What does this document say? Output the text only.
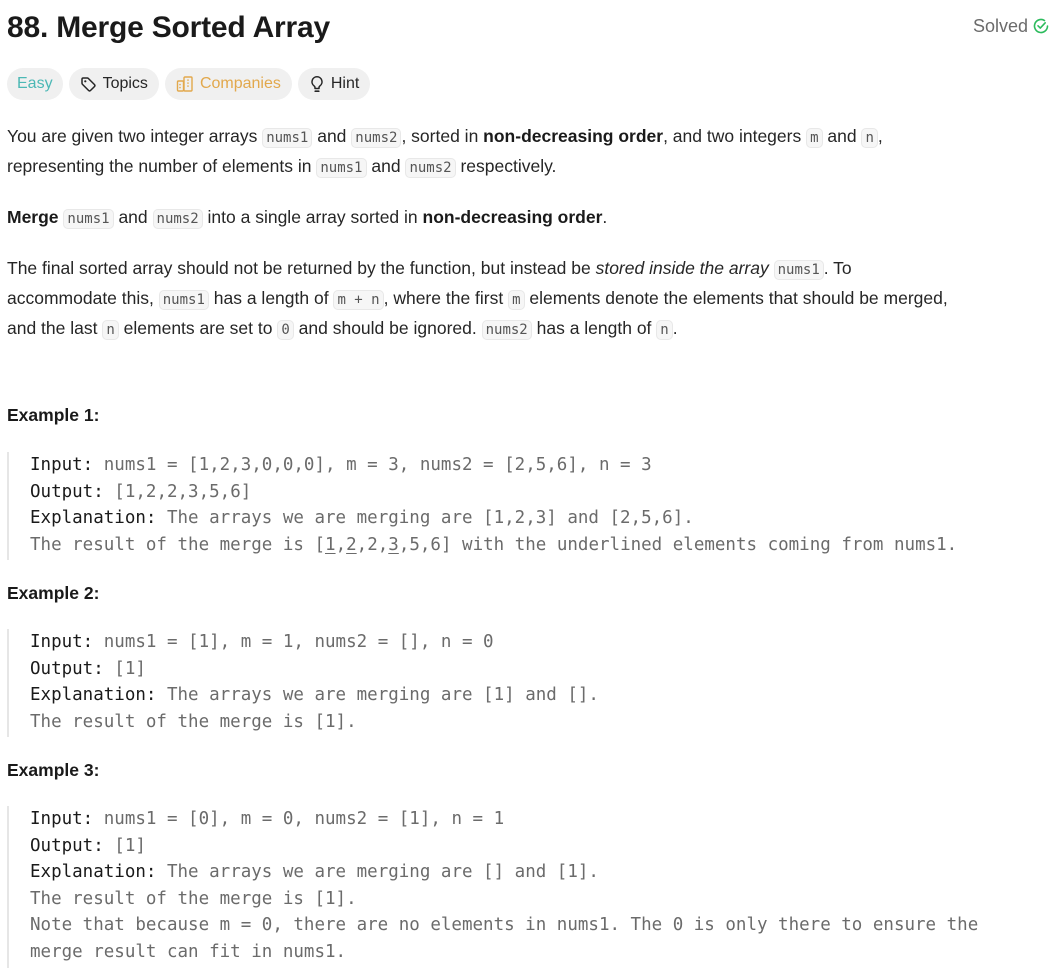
88. Merge Sorted Array	Solved
Easy	Topics	Companies	Hint

You are given two integer arrays nums1 and nums2 , sorted in non-decreasing order, and two integers m and n ,
representing the number of elements in nums1 and nums2 respectively.

Merge nums1 and nums2 into a single array sorted in non-decreasing order.

The final sorted array should not be returned by the function, but instead be stored inside the array nums1 . To
accommodate this, nums1 has a length of m + n , where the first m elements denote the elements that should be merged,
and the last n elements are set to 0 and should be ignored. nums2 has a length of n .

Example 1:
Input: nums1 = [1,2,3,0,0,0], m = 3, nums2 = [2,5,6], n = 3
Output: [1,2,2,3,5,6]
Explanation: The arrays we are merging are [1,2,3] and [2,5,6].
The result of the merge is [1,2,2,3,5,6] with the underlined elements coming from nums1.
Example 2:
Input: nums1 = [1], m = 1, nums2 = [], n = 0
Output: [1]
Explanation: The arrays we are merging are [1] and [].
The result of the merge is [1].
Example 3:
Input: nums1 = [0], m = 0, nums2 = [1], n = 1
Output: [1]
Explanation: The arrays we are merging are [] and [1].
The result of the merge is [1].
Note that because m = 0, there are no elements in nums1. The 0 is only there to ensure the
merge result can fit in nums1.
